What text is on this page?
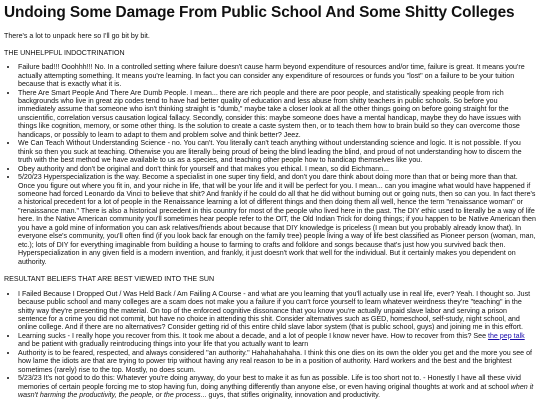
Undoing Some Damage From Public School And Some Shitty Colleges

There's a lot to unpack here so I'll go bit by bit.

THE UNHELPFUL INDOCTRINATION

• Failure bad!!! Ooohhh!!! No. In a controlled setting where failure doesn't cause harm beyond expenditure of resources and/or time, failure is great. It means you're actually attempting something. It means you're learning. In fact you can consider any expenditure of resources or funds you "lost" on a failure to be your tuition because that is exactly what it is.
• There Are Smart People And There Are Dumb People. I mean... there are rich people and there are poor people, and statistically speaking people from rich backgrounds who live in great zip codes tend to have had better quality of education and less abuse from shitty teachers in public schools. So before you immediately assume that someone who isn't thinking straight is "dumb," maybe take a closer look at all the other things going on before going straight for the unscientific, correlation versus causation logical fallacy. Secondly, consider this: maybe someone does have a mental handicap, maybe they do have issues with things like cognition, memory, or some other thing. Is the solution to create a caste system then, or to teach them how to brain build so they can overcome those handicaps, or possibly to learn to adapt to them and problem solve and think better? Jeez.
• We Can Teach Without Understanding Science - no. You can't. You literally can't teach anything without understanding science and logic. It is not possible. If you think so then you suck at teaching. Otherwise you are literally being proud of being the blind leading the blind, and proud of not understanding how to discern the truth with the best method we have available to us as a species, and teaching other people how to handicap themselves like you.
• Obey authority and don't be original and don't think for yourself and that makes you ethical. I mean, so did Eichmann...
• 5/20/23 Hyperspecialization is the way. Become a specialist in one super tiny field, and don't you dare think about doing more than that or being more than that. Once you figure out where you fit in, and your niche in life, that will be your life and it will be perfect for you. I mean... can you imagine what would have happened if someone had forced Leonardo da Vinci to believe that shit? And frankly if he could do all that he did without burning out or going nuts, then so can you. In fact there's a historical precedent for a lot of people in the Renaissance learning a lot of different things and then doing them all well, hence the term "renaissance woman" or "renaissance man." There is also a historical precedent in this country for most of the people who lived here in the past. The DIY ethic used to literally be a way of life here. In the Native American community you'll sometimes hear people refer to the OIT, the Old Indian Trick for doing things; if you happen to be Native American then you have a gold mine of information you can ask relatives/friends about because that DIY knowledge is priceless (I mean but you probably already know that). In everyone else's community, you'll often find (if you look back far enough on the family tree) people living a way of life best classified as Pioneer person (woman, man, etc.); lots of DIY for everything imaginable from building a house to farming to crafts and folklore and songs because that's just how you survived back then. Hyperspecialization in any given field is a modern invention, and frankly, it just doesn't work that well for the individual. But it certainly makes you dependent on authority.

RESULTANT BELIEFS THAT ARE BEST VIEWED INTO THE SUN

• I Failed Because I Dropped Out / Was Held Back / Am Failing A Course - and what are you learning that you'll actually use in real life, ever? Yeah. I thought so. Just because public school and many colleges are a scam does not make you a failure if you can't force yourself to learn whatever weirdness they're "teaching" in the shitty way they're presenting the material. On top of the enforced cognitive dissonance that you know you're actually unpaid slave labor and serving a prison sentence for a crime you did not commit, but have no choice in attending this shit. Consider alternatives such as GED, homeschool, self-study, night school, and online college. And if there are no alternatives? Consider getting rid of this entire child slave labor system (that is public school, guys) and joining me in this effort.
• Learning sucks - I really hope you recover from this. It took me about a decade, and a lot of people I know never have. How to recover from this? See the pep talk and be patient with gradually reintroducing things into your life that you actually want to learn
• Authority is to be feared, respected, and always considered "an authority." Hahahahahaha. I think this one dies on its own the older you get and the more you see of how lame the idiots are that are trying to power trip without having any real reason to be in a position of authority. Hard workers and the best and the brightest sometimes (rarely) rise to the top. Mostly, no does scum.
• 5/23/23 It's not good to do this: Whatever you're doing anyway, do your best to make it as fun as possible. Life is too short not to. - Honestly I have all these vivid memories of certain people forcing me to stop having fun, doing anything differently than anyone else, or even having original thoughts at work and at school when it wasn't harming the productivity, the people, or the process... guys, that stifles originality, innovation and productivity.
